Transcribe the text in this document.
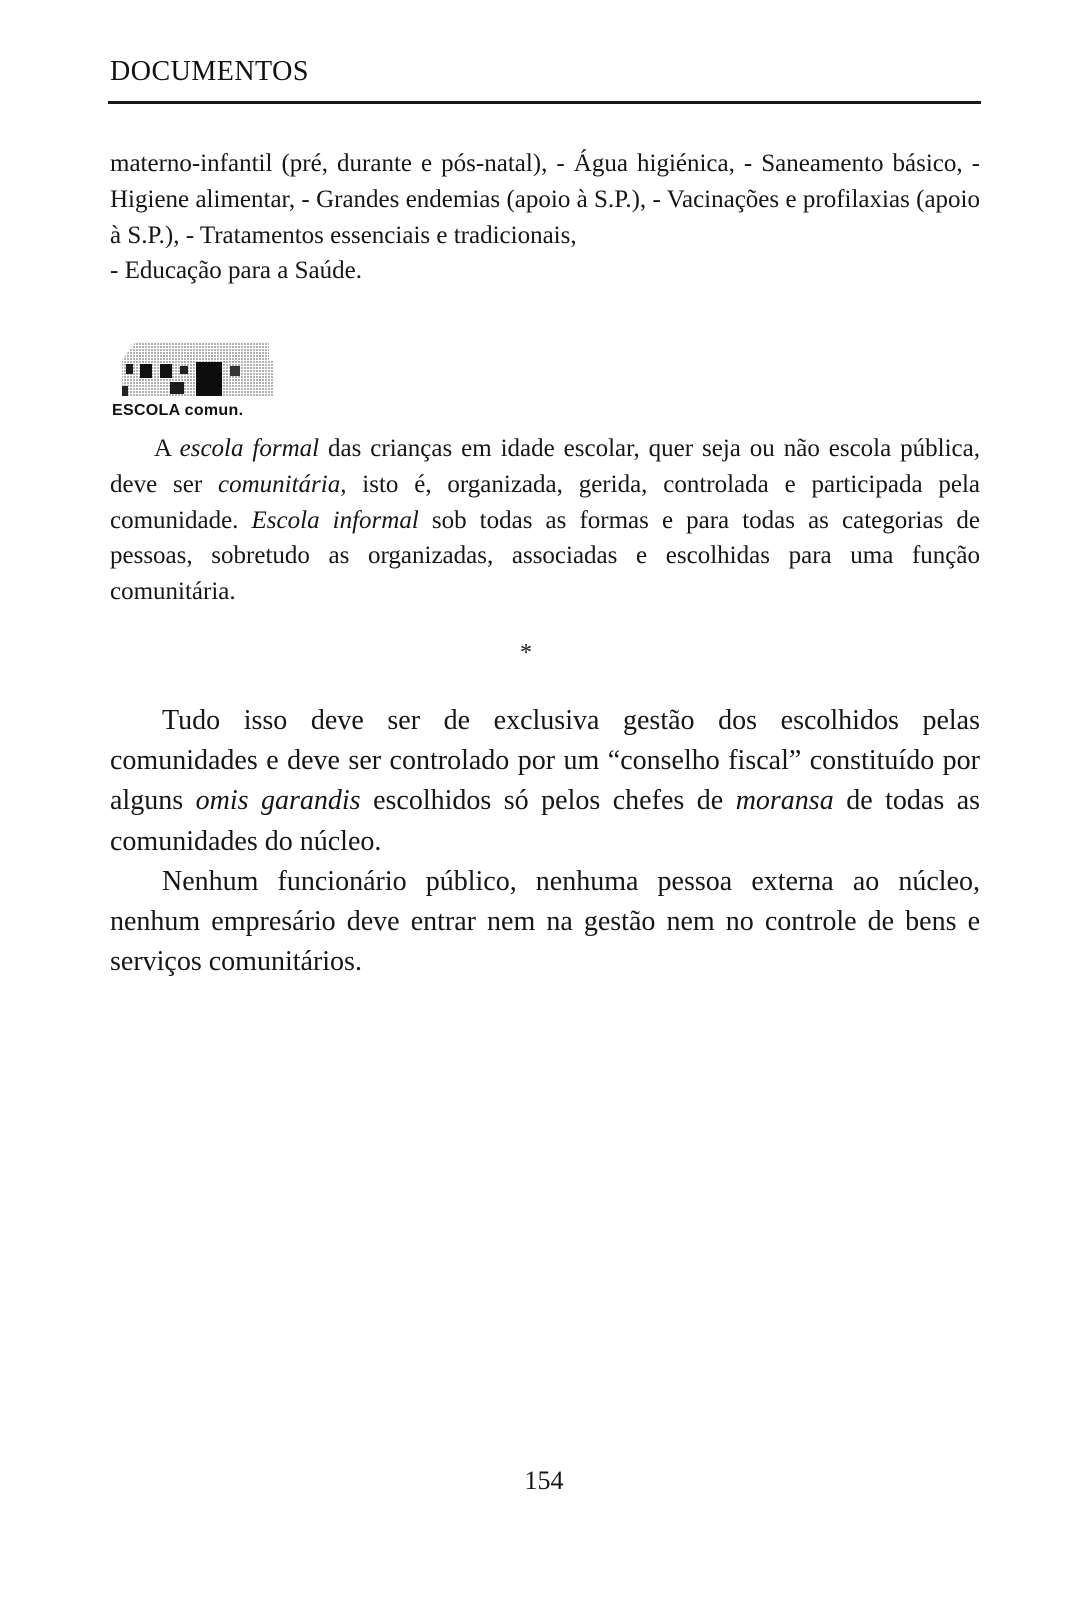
DOCUMENTOS

materno-infantil (pré, durante e pós-natal), - Água higiénica, - Saneamento básico, - Higiene alimentar, - Grandes endemias (apoio à S.P.), - Vacinações e profilaxias (apoio à S.P.), - Tratamentos essenciais e tradicionais,

- Educação para a Saúde.

ESCOLA comun.

A escola formal das crianças em idade escolar, quer seja ou não escola pública, deve ser comunitária, isto é, organizada, gerida, controlada e participada pela comunidade. Escola informal sob todas as formas e para todas as categorias de pessoas, sobretudo as organizadas, associadas e escolhidas para uma função comunitária.

*

Tudo isso deve ser de exclusiva gestão dos escolhidos pelas comunidades e deve ser controlado por um “conselho fiscal” constituído por alguns omis garandis escolhidos só pelos chefes de moransa de todas as comunidades do núcleo.

Nenhum funcionário público, nenhuma pessoa externa ao núcleo, nenhum empresário deve entrar nem na gestão nem no controle de bens e serviços comunitários.

154
